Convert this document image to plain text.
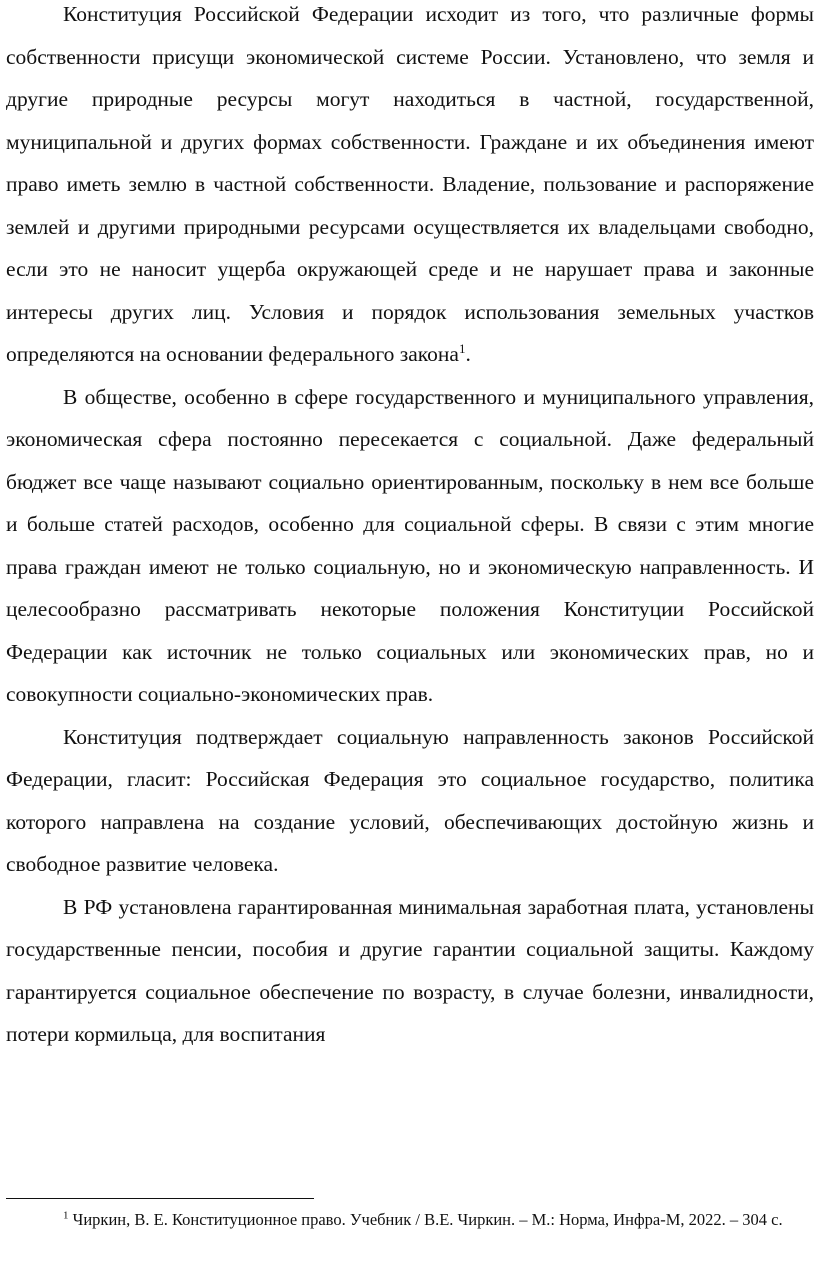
Конституция Российской Федерации исходит из того, что различные формы собственности присущи экономической системе России. Установлено, что земля и другие природные ресурсы могут находиться в частной, государственной, муниципальной и других формах собственности. Граждане и их объединения имеют право иметь землю в частной собственности. Владение, пользование и распоряжение землей и другими природными ресурсами осуществляется их владельцами свободно, если это не наносит ущерба окружающей среде и не нарушает права и законные интересы других лиц. Условия и порядок использования земельных участков определяются на основании федерального закона$^1$.

В обществе, особенно в сфере государственного и муниципального управления, экономическая сфера постоянно пересекается с социальной. Даже федеральный бюджет все чаще называют социально ориентированным, поскольку в нем все больше и больше статей расходов, особенно для социальной сферы. В связи с этим многие права граждан имеют не только социальную, но и экономическую направленность. И целесообразно рассматривать некоторые положения Конституции Российской Федерации как источник не только социальных или экономических прав, но и совокупности социально-экономических прав.

Конституция подтверждает социальную направленность законов Российской Федерации, гласит: Российская Федерация это социальное государство, политика которого направлена на создание условий, обеспечивающих достойную жизнь и свободное развитие человека.

В РФ установлена гарантированная минимальная заработная плата, установлены государственные пенсии, пособия и другие гарантии социальной защиты. Каждому гарантируется социальное обеспечение по возрасту, в случае болезни, инвалидности, потери кормильца, для воспитания

$^1$ Чиркин, В. Е. Конституционное право. Учебник / В.Е. Чиркин. – М.: Норма, Инфра-М, 2022. – 304 с.
